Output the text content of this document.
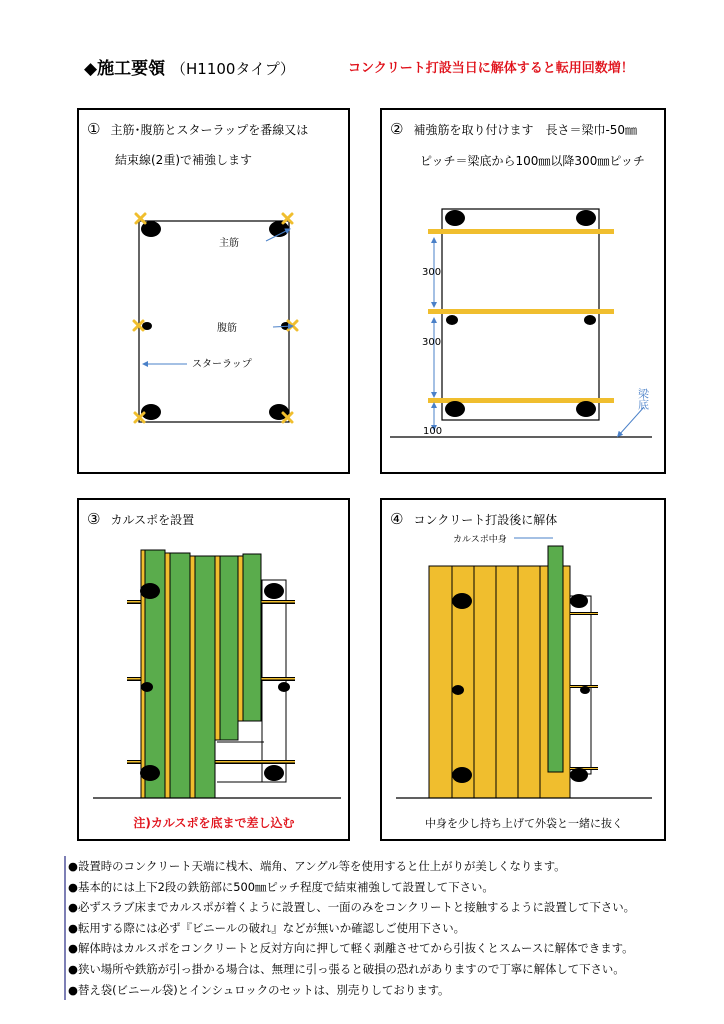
◆施工要領 （H1100タイプ）	コンクリート打設当日に解体すると転用回数増！
① 主筋･腹筋とスターラップを番線又は
結束線(2重)で補強します
主筋
腹筋
スターラップ
② 補強筋を取り付けます　長さ＝梁巾-50㎜
ピッチ＝梁底から100㎜以降300㎜ピッチ
300
300
100
梁底
③ カルスポを設置
注)カルスポを底まで差し込む
④ コンクリート打設後に解体
カルスポ中身
中身を少し持ち上げて外袋と一緒に抜く
●設置時のコンクリート天端に桟木、端角、アングル等を使用すると仕上がりが美しくなります。
●基本的には上下2段の鉄筋部に500㎜ピッチ程度で結束補強して設置して下さい。
●必ずスラブ床までカルスポが着くように設置し、一面のみをコンクリートと接触するように設置して下さい。
●転用する際には必ず『ビニールの破れ』などが無いか確認しご使用下さい。
●解体時はカルスポをコンクリートと反対方向に押して軽く剥離させてから引抜くとスムースに解体できます。
●狭い場所や鉄筋が引っ掛かる場合は、無理に引っ張ると破損の恐れがありますので丁寧に解体して下さい。
●替え袋(ビニール袋)とインシュロックのセットは、別売りしております。
